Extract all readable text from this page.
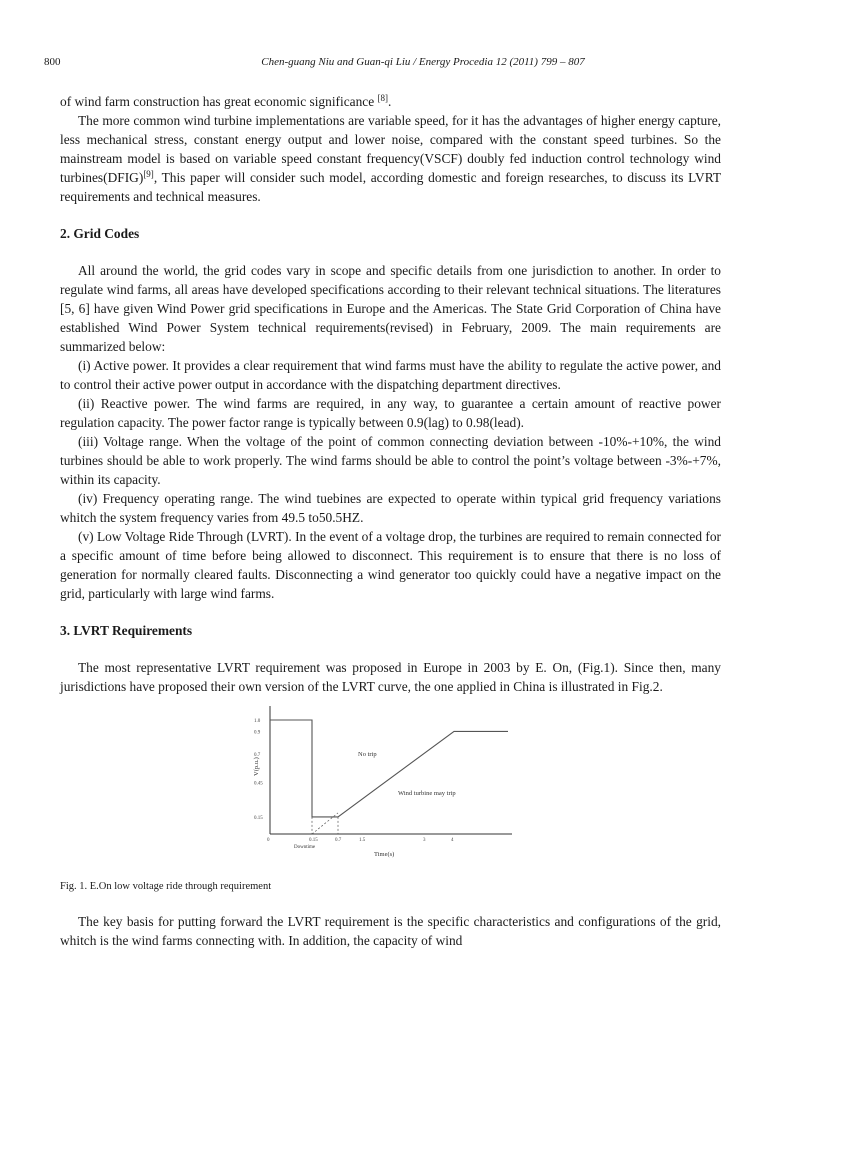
800	Chen-guang Niu and Guan-qi Liu / Energy Procedia 12 (2011) 799 – 807

of wind farm construction has great economic significance [8].

The more common wind turbine implementations are variable speed, for it has the advantages of higher energy capture, less mechanical stress, constant energy output and lower noise, compared with the constant speed turbines. So the mainstream model is based on variable speed constant frequency(VSCF) doubly fed induction control technology wind turbines(DFIG)[9], This paper will consider such model, according domestic and foreign researches, to discuss its LVRT requirements and technical measures.

2. Grid Codes

All around the world, the grid codes vary in scope and specific details from one jurisdiction to another. In order to regulate wind farms, all areas have developed specifications according to their relevant technical situations. The literatures [5, 6] have given Wind Power grid specifications in Europe and the Americas. The State Grid Corporation of China have established Wind Power System technical requirements(revised) in February, 2009. The main requirements are summarized below:

(i) Active power. It provides a clear requirement that wind farms must have the ability to regulate the active power, and to control their active power output in accordance with the dispatching department directives.

(ii) Reactive power. The wind farms are required, in any way, to guarantee a certain amount of reactive power regulation capacity. The power factor range is typically between 0.9(lag) to 0.98(lead).

(iii) Voltage range. When the voltage of the point of common connecting deviation between -10%-+10%, the wind turbines should be able to work properly. The wind farms should be able to control the point’s voltage between -3%-+7%, within its capacity.

(iv) Frequency operating range. The wind tuebines are expected to operate within typical grid frequency variations whitch the system frequency varies from 49.5 to50.5HZ.

(v) Low Voltage Ride Through (LVRT). In the event of a voltage drop, the turbines are required to remain connected for a specific amount of time before being allowed to disconnect. This requirement is to ensure that there is no loss of generation for normally cleared faults. Disconnecting a wind generator too quickly could have a negative impact on the grid, particularly with large wind farms.

3. LVRT Requirements

The most representative LVRT requirement was proposed in Europe in 2003 by E. On, (Fig.1). Since then, many jurisdictions have proposed their own version of the LVRT curve, the one applied in China is illustrated in Fig.2.

1.0
0.9
0.7
0.45
0.15
0	0.15	0.7	1.5	3	4
V(p.u.)
Time(s)
No trip
Wind turbine may trip
Downtime
Fig. 1. E.On low voltage ride through requirement

The key basis for putting forward the LVRT requirement is the specific characteristics and configurations of the grid, whitch is the wind farms connecting with. In addition, the capacity of wind
